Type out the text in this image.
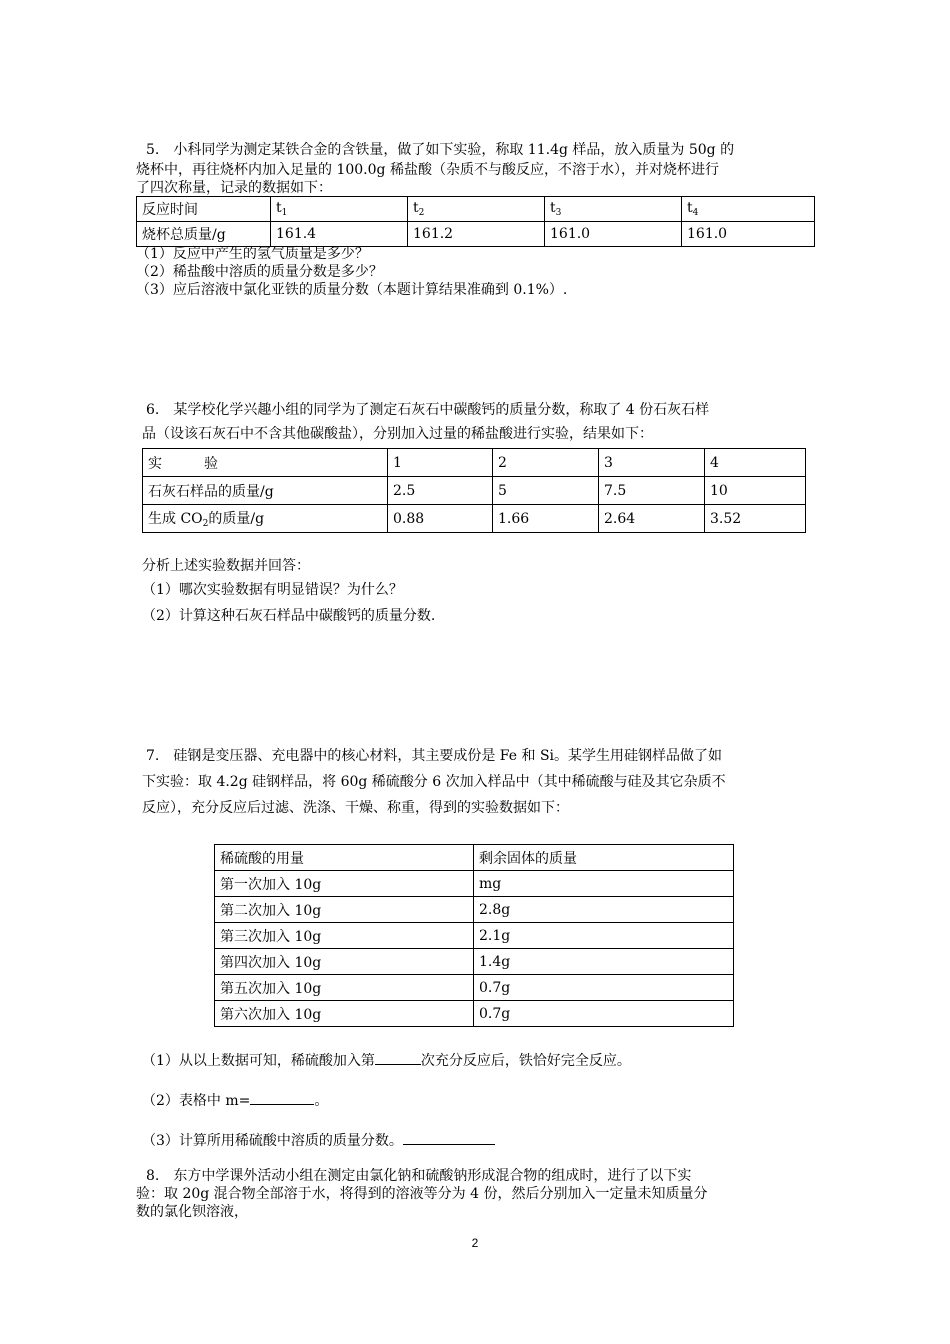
5.　小科同学为测定某铁合金的含铁量，做了如下实验，称取 11.4g 样品，放入质量为 50g 的

烧杯中，再往烧杯内加入足量的 100.0g 稀盐酸（杂质不与酸反应，不溶于水），并对烧杯进行

了四次称量，记录的数据如下：

反应时间	$t_1$	$t_2$	$t_3$	$t_4$
烧杯总质量/g	161.4	161.2	161.0	161.0

（1）反应中产生的氢气质量是多少？

（2）稀盐酸中溶质的质量分数是多少？

（3）应后溶液中氯化亚铁的质量分数（本题计算结果准确到 0.1%）.

6.　某学校化学兴趣小组的同学为了测定石灰石中碳酸钙的质量分数，称取了 4 份石灰石样

品（设该石灰石中不含其他碳酸盐），分别加入过量的稀盐酸进行实验，结果如下：

实　　　验	1	2	3	4
石灰石样品的质量/g	2.5	5	7.5	10
生成 $CO_2$的质量/g	0.88	1.66	2.64	3.52

分析上述实验数据并回答：

（1）哪次实验数据有明显错误？为什么？

（2）计算这种石灰石样品中碳酸钙的质量分数.

7.　硅钢是变压器、充电器中的核心材料，其主要成份是 Fe 和 Si。某学生用硅钢样品做了如

下实验：取 4.2g 硅钢样品，将 60g 稀硫酸分 6 次加入样品中（其中稀硫酸与硅及其它杂质不

反应），充分反应后过滤、洗涤、干燥、称重，得到的实验数据如下：

稀硫酸的用量	剩余固体的质量
第一次加入 10g	mg
第二次加入 10g	2.8g
第三次加入 10g	2.1g
第四次加入 10g	1.4g
第五次加入 10g	0.7g
第六次加入 10g	0.7g

（1）从以上数据可知，稀硫酸加入第	次充分反应后，铁恰好完全反应。

（2）表格中 m=	。

（3）计算所用稀硫酸中溶质的质量分数。

8.　东方中学课外活动小组在测定由氯化钠和硫酸钠形成混合物的组成时，进行了以下实

验：取 20g 混合物全部溶于水，将得到的溶液等分为 4 份，然后分别加入一定量未知质量分

数的氯化钡溶液，

2
